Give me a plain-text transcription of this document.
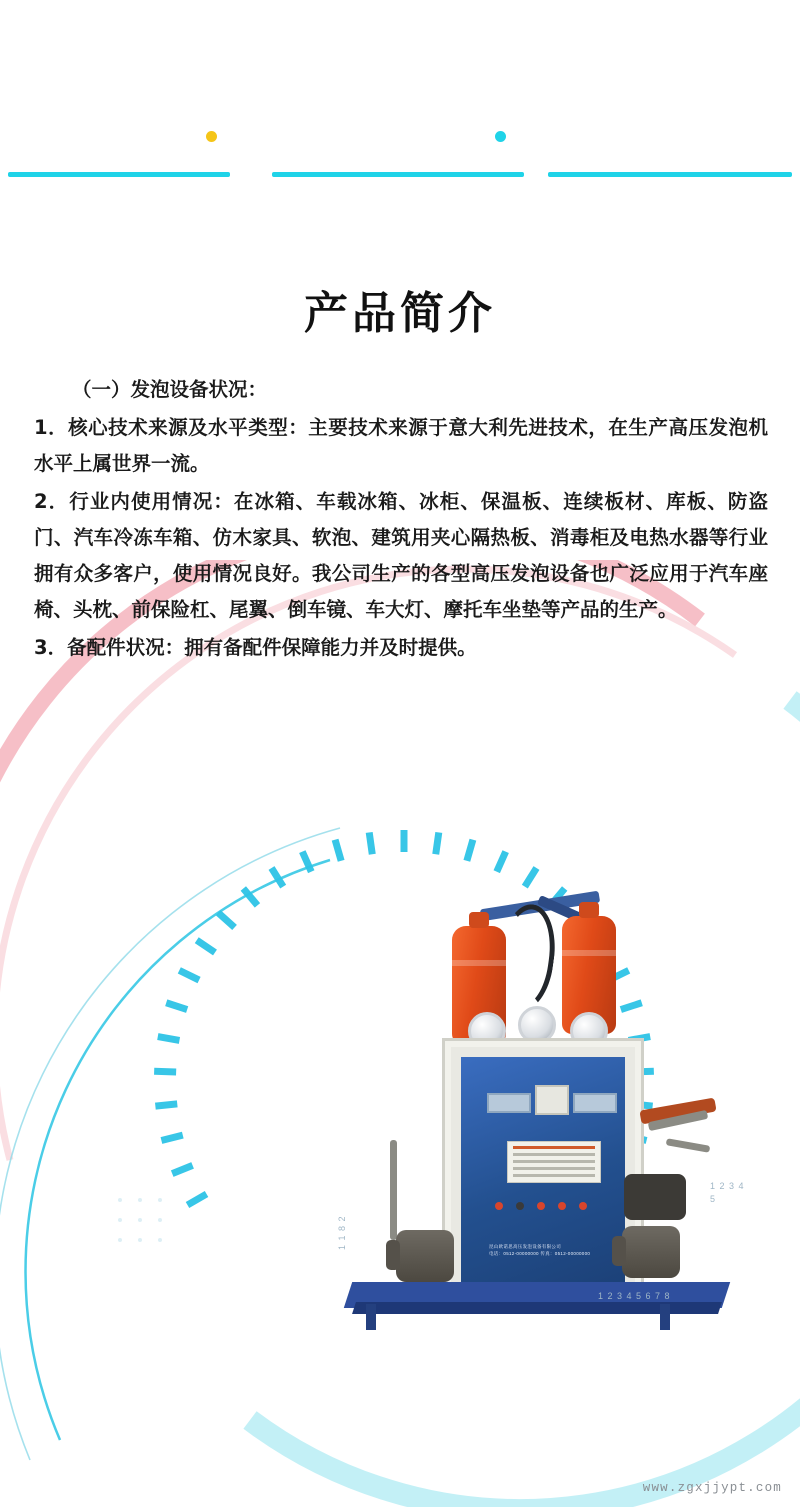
产品简介

（一）发泡设备状况：

1．核心技术来源及水平类型：主要技术来源于意大利先进技术，在生产高压发泡机水平上属世界一流。

2．行业内使用情况：在冰箱、车载冰箱、冰柜、保温板、连续板材、库板、防盗门、汽车冷冻车箱、仿木家具、软泡、建筑用夹心隔热板、消毒柜及电热水器等行业拥有众多客户，使用情况良好。我公司生产的各型高压发泡设备也广泛应用于汽车座椅、头枕、前保险杠、尾翼、倒车镜、车大灯、摩托车坐垫等产品的生产。

3．备配件状况：拥有备配件保障能力并及时提供。

昆山欧诺思高压发泡设备有限公司
电话：0512-00000000 传真：0512-00000000
1 2 3 4 5
1 2 3 4 5 6 7 8
1 1 8 2
www.zgxjjypt.com
